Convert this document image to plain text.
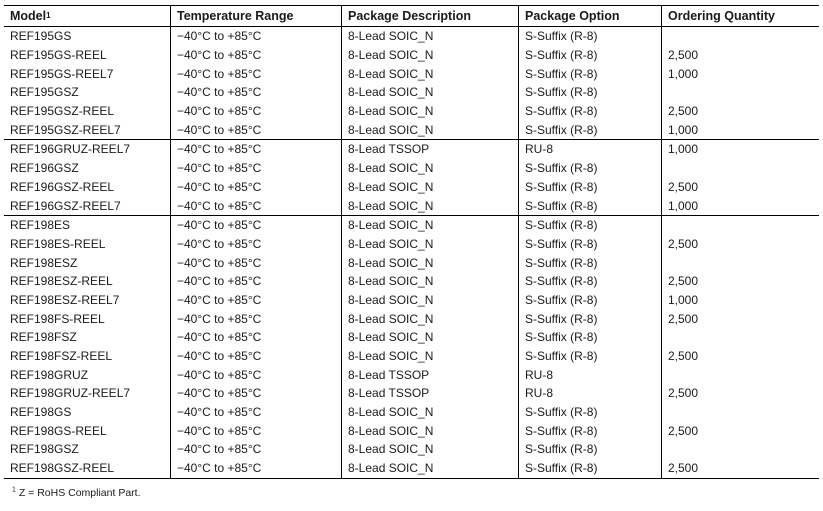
Model 1	Temperature Range	Package Description	Package Option	Ordering Quantity
REF195GS	−40°C to +85°C	8-Lead SOIC_N	S-Suffix (R-8)
REF195GS-REEL	−40°C to +85°C	8-Lead SOIC_N	S-Suffix (R-8)	2,500
REF195GS-REEL7	−40°C to +85°C	8-Lead SOIC_N	S-Suffix (R-8)	1,000
REF195GSZ	−40°C to +85°C	8-Lead SOIC_N	S-Suffix (R-8)
REF195GSZ-REEL	−40°C to +85°C	8-Lead SOIC_N	S-Suffix (R-8)	2,500
REF195GSZ-REEL7	−40°C to +85°C	8-Lead SOIC_N	S-Suffix (R-8)	1,000
REF196GRUZ-REEL7	−40°C to +85°C	8-Lead TSSOP	RU-8	1,000
REF196GSZ	−40°C to +85°C	8-Lead SOIC_N	S-Suffix (R-8)
REF196GSZ-REEL	−40°C to +85°C	8-Lead SOIC_N	S-Suffix (R-8)	2,500
REF196GSZ-REEL7	−40°C to +85°C	8-Lead SOIC_N	S-Suffix (R-8)	1,000
REF198ES	−40°C to +85°C	8-Lead SOIC_N	S-Suffix (R-8)
REF198ES-REEL	−40°C to +85°C	8-Lead SOIC_N	S-Suffix (R-8)	2,500
REF198ESZ	−40°C to +85°C	8-Lead SOIC_N	S-Suffix (R-8)
REF198ESZ-REEL	−40°C to +85°C	8-Lead SOIC_N	S-Suffix (R-8)	2,500
REF198ESZ-REEL7	−40°C to +85°C	8-Lead SOIC_N	S-Suffix (R-8)	1,000
REF198FS-REEL	−40°C to +85°C	8-Lead SOIC_N	S-Suffix (R-8)	2,500
REF198FSZ	−40°C to +85°C	8-Lead SOIC_N	S-Suffix (R-8)
REF198FSZ-REEL	−40°C to +85°C	8-Lead SOIC_N	S-Suffix (R-8)	2,500
REF198GRUZ	−40°C to +85°C	8-Lead TSSOP	RU-8
REF198GRUZ-REEL7	−40°C to +85°C	8-Lead TSSOP	RU-8	2,500
REF198GS	−40°C to +85°C	8-Lead SOIC_N	S-Suffix (R-8)
REF198GS-REEL	−40°C to +85°C	8-Lead SOIC_N	S-Suffix (R-8)	2,500
REF198GSZ	−40°C to +85°C	8-Lead SOIC_N	S-Suffix (R-8)
REF198GSZ-REEL	−40°C to +85°C	8-Lead SOIC_N	S-Suffix (R-8)	2,500
$^1$ Z = RoHS Compliant Part.
